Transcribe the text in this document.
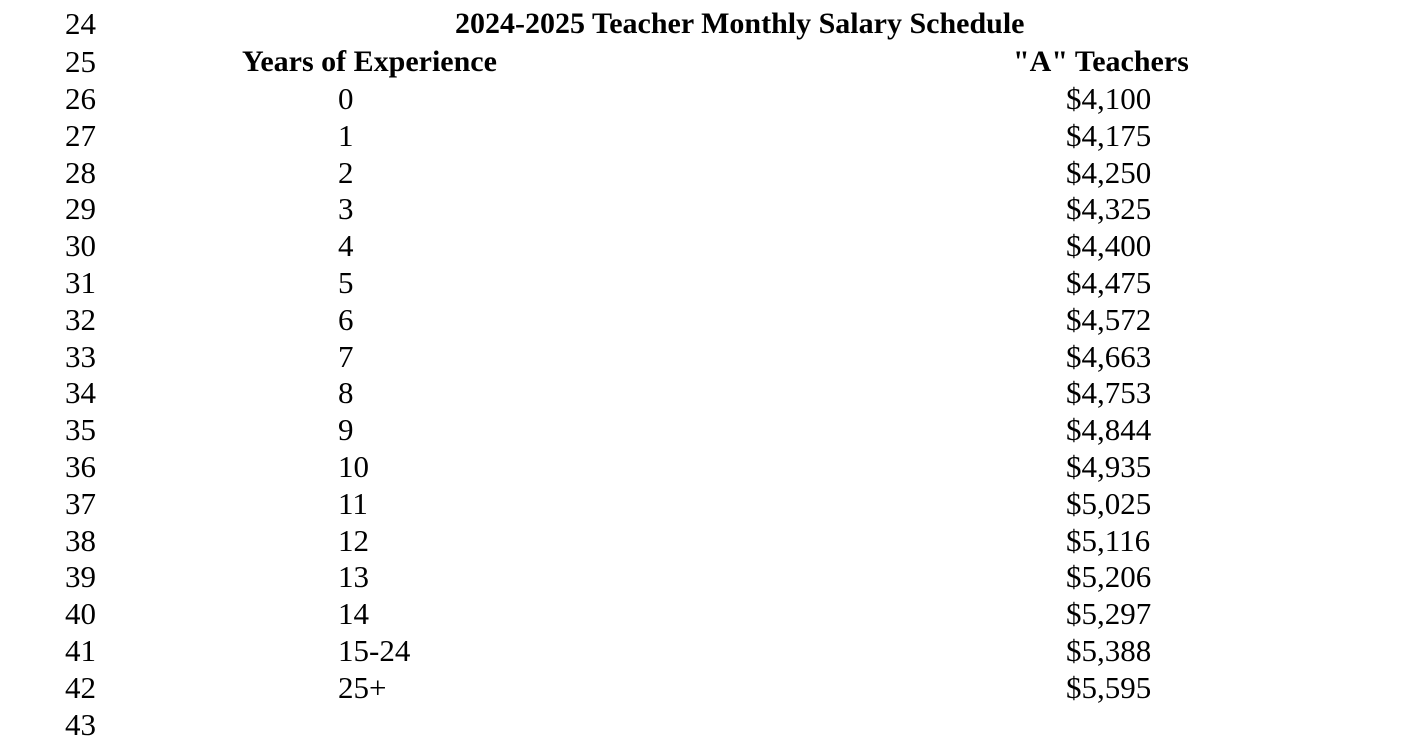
24	2024-2025 Teacher Monthly Salary Schedule
25	Years of Experience	"A" Teachers
26	0	$4,100
27	1	$4,175
28	2	$4,250
29	3	$4,325
30	4	$4,400
31	5	$4,475
32	6	$4,572
33	7	$4,663
34	8	$4,753
35	9	$4,844
36	10	$4,935
37	11	$5,025
38	12	$5,116
39	13	$5,206
40	14	$5,297
41	15-24	$5,388
42	25+	$5,595
43
